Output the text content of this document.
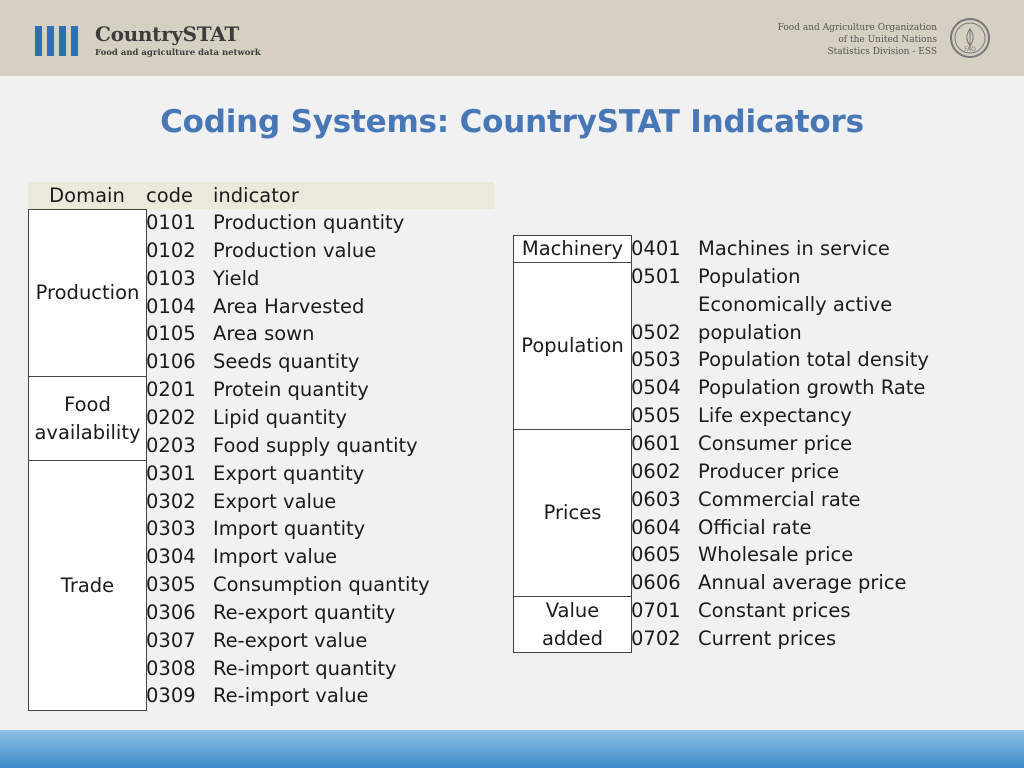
CountrySTAT
Food and agriculture data network
Food and Agriculture Organization
of the United Nations
Statistics Division - ESS	FAO
Coding Systems: CountrySTAT Indicators
Domain	code indicator
Production
Food
availability
Trade
0101 Production quantity
0102 Production value
0103 Yield
0104 Area Harvested
0105 Area sown
0106 Seeds quantity
0201 Protein quantity
0202 Lipid quantity
0203 Food supply quantity
0301 Export quantity
0302 Export value
0303 Import quantity
0304 Import value
0305 Consumption quantity
0306 Re-export quantity
0307 Re-export value
0308 Re-import quantity
0309 Re-import value
Machinery
Population
Prices
Value added
0401 Machines in service
0501 Population
Economically active
0502 population
0503 Population total density
0504 Population growth Rate
0505 Life expectancy
0601 Consumer price
0602 Producer price
0603 Commercial rate
0604 Official rate
0605 Wholesale price
0606 Annual average price
0701 Constant prices
0702 Current prices
